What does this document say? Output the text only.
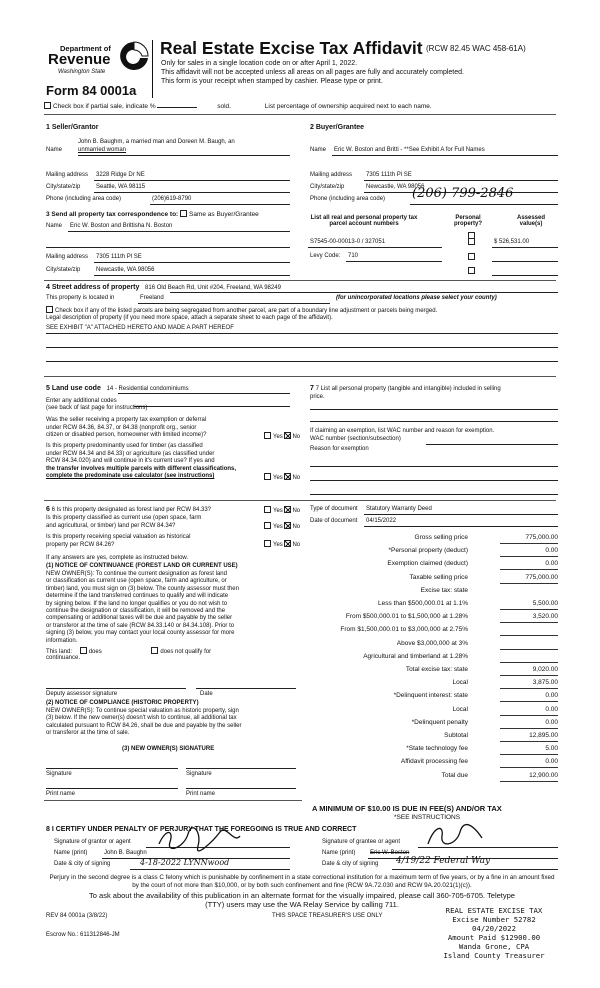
Department of
Revenue
Washington State
Form 84 0001a
Real Estate Excise Tax Affidavit (RCW 82.45 WAC 458-61A)
Only for sales in a single location code on or after April 1, 2022.
This affidavit will not be accepted unless all areas on all pages are fully and accurately completed.
This form is your receipt when stamped by cashier. Please type or print.
Check box if partial sale, indicate %	sold.	List percentage of ownership acquired next to each name.
1 Seller/Grantor
John B. Baughm, a married man and Doreen M. Baugh, an
Name	unmarried woman
Mailing address 3228 Ridge Dr NE
City/state/zip	Seattle, WA 98115
Phone (including area code)	(206)619-8790
2 Buyer/Grantee
Name Eric W. Boston and Britti - **See Exhibit A for Full Names
Mailing address 7305 111th Pl SE
City/state/zip	Newcastle, WA 98056
Phone (including area code) (206) 799-2846
3 Send all property tax correspondence to: Same as Buyer/Grantee
Name Eric W. Boston and Brittisha N. Boston
Mailing address 7305 111th Pl SE
City/state/zip	Newcastle, WA 98056
List all real and personal property tax
parcel account numbers
Personal
property?
Assessed
value(s)
S7545-00-00013-0 / 327051	$ 526,531.00
Levy Code: 710
4 Street address of property 816 Old Beach Rd, Unit #204, Freeland, WA 98249
This property is located in	Freeland	(for unincorporated locations please select your county)
Check box if any of the listed parcels are being segregated from another parcel, are part of a boundary line adjustment or parcels being merged.
Legal description of property (if you need more space, attach a separate sheet to each page of the affidavit).
SEE EXHIBIT "A" ATTACHED HERETO AND MADE A PART HEREOF
5 Land use code 14 - Residential condominiums
Enter any additional codes
(see back of last page for instructions)
Was the seller receiving a property tax exemption or deferral
under RCW 84.36, 84.37, or 84.38 (nonprofit org., senior
citizen or disabled person, homeowner with limited income)?	Yes No
Is this property predominantly used for timber (as classified
under RCW 84.34 and 84.33) or agriculture (as classified under
RCW 84.34.020) and will continue in it's current use? If yes and
the transfer involves multiple parcels with different classifications,
complete the predominate use calculator (see instructions)	Yes No
7 7 List all personal property (tangible and intangible) included in selling
price.
If claiming an exemption, list WAC number and reason for exemption.
WAC number (section/subsection)
Reason for exemption
6 6 Is this property designated as forest land per RCW 84.33?	Yes No
Is this property classified as current use (open space, farm
and agricultural, or timber) land per RCW 84.34?	Yes No
Is this property receiving special valuation as historical
property per RCW 84.26?	Yes No
If any answers are yes, complete as instructed below.
(1) NOTICE OF CONTINUANCE (FOREST LAND OR CURRENT USE)
NEW OWNER(S): To continue the current designation as forest land
or classification as current use (open space, farm and agriculture, or
timber) land, you must sign on (3) below. The county assessor must then
determine if the land transferred continues to qualify and will indicate
by signing below. If the land no longer qualifies or you do not wish to
continue the designation or classification, it will be removed and the
compensating or additional taxes will be due and payable by the seller
or transferor at the time of sale (RCW 84.33.140 or 84.34.108). Prior to
signing (3) below, you may contact your local county assessor for more
information.
This land:	does	does not qualify for
continuance.
Deputy assessor signature	Date
(2) NOTICE OF COMPLIANCE (HISTORIC PROPERTY)
NEW OWNER(S): To continue special valuation as historic property, sign
(3) below. If the new owner(s) doesn't wish to continue, all additional tax
calculated pursuant to RCW 84.26, shall be due and payable by the seller
or transferor at the time of sale.
(3) NEW OWNER(S) SIGNATURE
Signature	Signature
Print name	Print name
Type of document Statutory Warranty Deed
Date of document 04/15/2022
Gross selling price	775,000.00
*Personal property (deduct)	0.00
Exemption claimed (deduct)	0.00
Taxable selling price	775,000.00
Excise tax: state
Less than $500,000.01 at 1.1%	5,500.00
From $500,000.01 to $1,500,000 at 1.28%	3,520.00
From $1,500,000.01 to $3,000,000 at 2.75%
Above $3,000,000 at 3%
Agricultural and timberland at 1.28%
Total excise tax: state	9,020.00
Local	3,875.00
*Delinquent interest: state	0.00
Local	0.00
*Delinquent penalty	0.00
Subtotal	12,895.00
*State technology fee	5.00
Affidavit processing fee	0.00
Total due	12,900.00
A MINIMUM OF $10.00 IS DUE IN FEE(S) AND/OR TAX
*SEE INSTRUCTIONS
8 I CERTIFY UNDER PENALTY OF PERJURY THAT THE FOREGOING IS TRUE AND CORRECT
Signature of grantor or agent
Name (print)	John B. Baughn
Date & city of signing	4-18-2022 LYNNwood
Signature of grantee or agent
Name (print) Eric W. Boston
Date & city of signing 4/19/22 Federal Way
Perjury in the second degree is a class C felony which is punishable by confinement in a state correctional institution for a maximum term of five years, or by a fine in an amount fixed by the court of not more than $10,000, or by both such confinement and fine (RCW 9A.72.030 and RCW 9A.20.021(1)(c)).
To ask about the availability of this publication in an alternate format for the visually impaired, please call 360-705-6705. Teletype
(TTY) users may use the WA Relay Service by calling 711.
REV 84 0001a (3/8/22)	THIS SPACE TREASURER'S USE ONLY
Escrow No.: 611312846-JM
REAL ESTATE EXCISE TAX
Excise Number 52782
04/20/2022
Amount Paid $12900.00
Wanda Grone, CPA
Island County Treasurer
